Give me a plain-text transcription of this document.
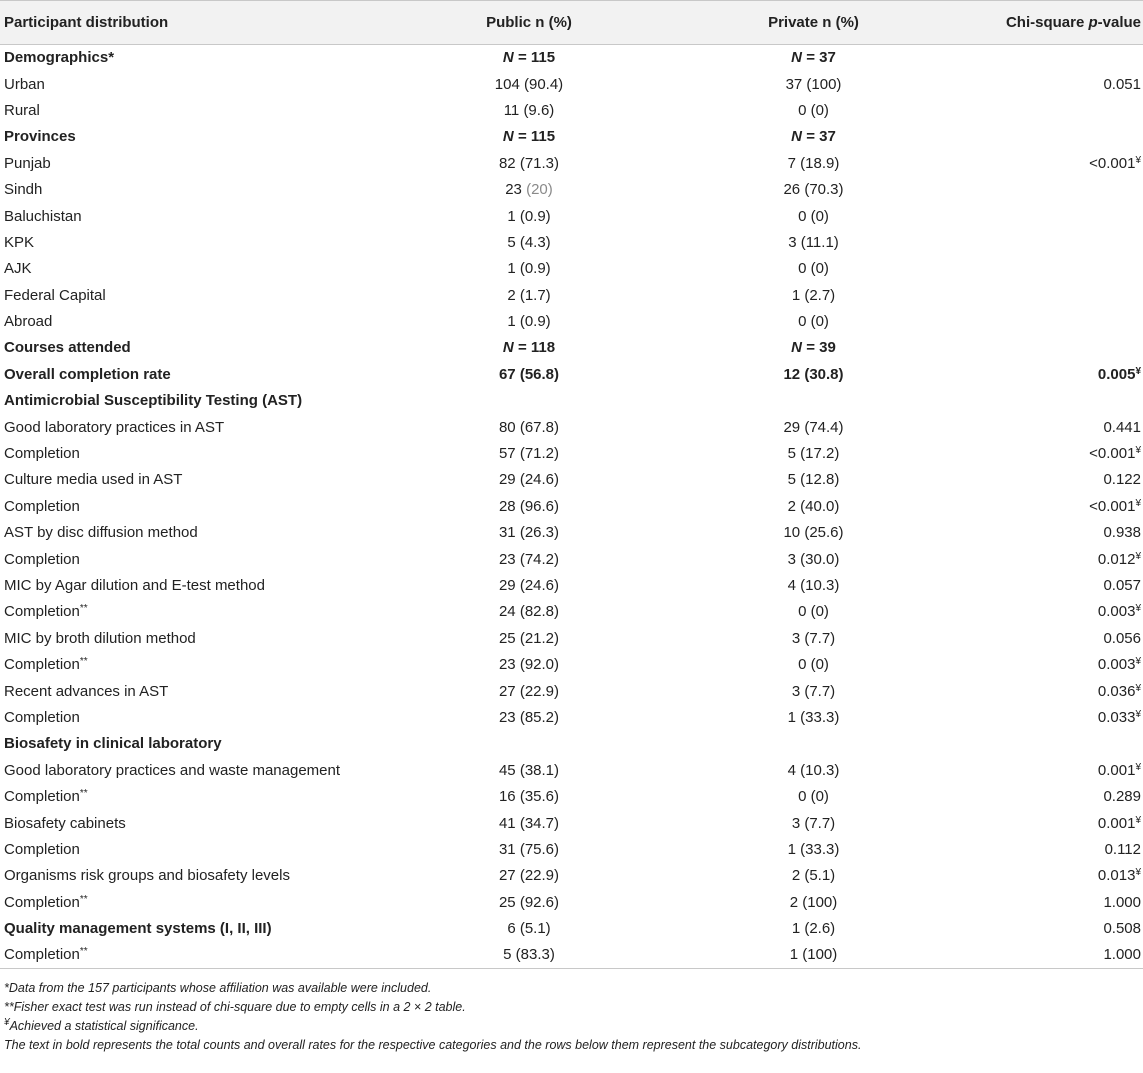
Participant distribution	Public n (%)	Private n (%)	Chi-square p-value
Demographics*	N = 115	N = 37	
Urban	104 (90.4)	37 (100)	0.051
Rural	11 (9.6)	0 (0)	
Provinces	N = 115	N = 37	
Punjab	82 (71.3)	7 (18.9)	<0.001¥
Sindh	23 (20)	26 (70.3)	
Baluchistan	1 (0.9)	0 (0)	
KPK	5 (4.3)	3 (11.1)	
AJK	1 (0.9)	0 (0)	
Federal Capital	2 (1.7)	1 (2.7)	
Abroad	1 (0.9)	0 (0)	
Courses attended	N = 118	N = 39	
Overall completion rate	67 (56.8)	12 (30.8)	0.005¥
Antimicrobial Susceptibility Testing (AST)			
Good laboratory practices in AST	80 (67.8)	29 (74.4)	0.441
Completion	57 (71.2)	5 (17.2)	<0.001¥
Culture media used in AST	29 (24.6)	5 (12.8)	0.122
Completion	28 (96.6)	2 (40.0)	<0.001¥
AST by disc diffusion method	31 (26.3)	10 (25.6)	0.938
Completion	23 (74.2)	3 (30.0)	0.012¥
MIC by Agar dilution and E-test method	29 (24.6)	4 (10.3)	0.057
Completion**	24 (82.8)	0 (0)	0.003¥
MIC by broth dilution method	25 (21.2)	3 (7.7)	0.056
Completion**	23 (92.0)	0 (0)	0.003¥
Recent advances in AST	27 (22.9)	3 (7.7)	0.036¥
Completion	23 (85.2)	1 (33.3)	0.033¥
Biosafety in clinical laboratory			
Good laboratory practices and waste management	45 (38.1)	4 (10.3)	0.001¥
Completion**	16 (35.6)	0 (0)	0.289
Biosafety cabinets	41 (34.7)	3 (7.7)	0.001¥
Completion	31 (75.6)	1 (33.3)	0.112
Organisms risk groups and biosafety levels	27 (22.9)	2 (5.1)	0.013¥
Completion**	25 (92.6)	2 (100)	1.000
Quality management systems (I, II, III)	6 (5.1)	1 (2.6)	0.508
Completion**	5 (83.3)	1 (100)	1.000
*Data from the 157 participants whose affiliation was available were included.
**Fisher exact test was run instead of chi-square due to empty cells in a 2 × 2 table.
¥Achieved a statistical significance.
The text in bold represents the total counts and overall rates for the respective categories and the rows below them represent the subcategory distributions.
